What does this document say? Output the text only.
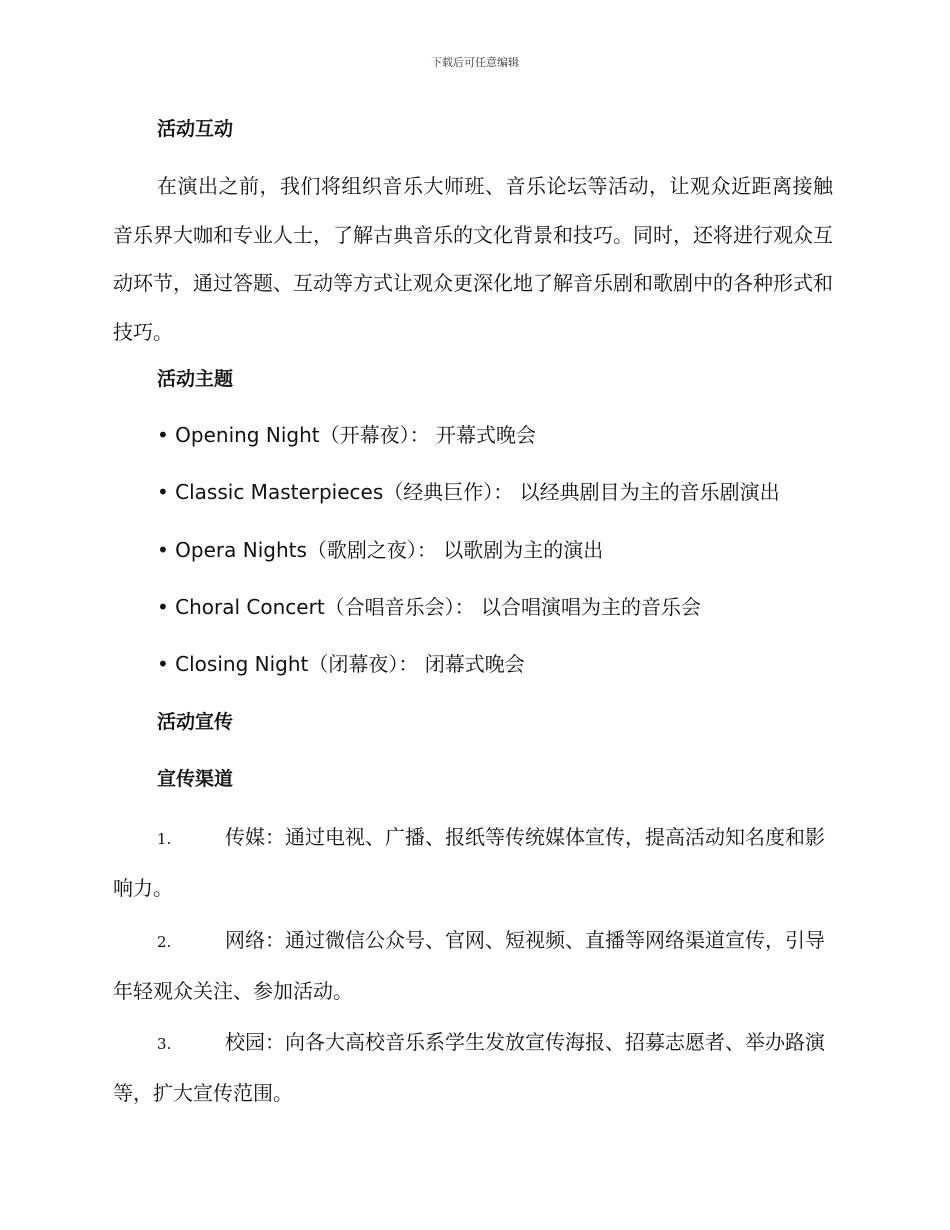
下载后可任意编辑
活动互动

在演出之前，我们将组织音乐大师班、音乐论坛等活动，让观众近距离接触音乐界大咖和专业人士，了解古典音乐的文化背景和技巧。同时，还将进行观众互动环节，通过答题、互动等方式让观众更深化地了解音乐剧和歌剧中的各种形式和技巧。

活动主题
• Opening Night（开幕夜）： 开幕式晚会
• Classic Masterpieces（经典巨作）： 以经典剧目为主的音乐剧演出
• Opera Nights（歌剧之夜）： 以歌剧为主的演出
• Choral Concert（合唱音乐会）： 以合唱演唱为主的音乐会
• Closing Night（闭幕夜）： 闭幕式晚会
活动宣传
宣传渠道

1.	传媒：通过电视、广播、报纸等传统媒体宣传，提高活动知名度和影响力。

2.	网络：通过微信公众号、官网、短视频、直播等网络渠道宣传，引导年轻观众关注、参加活动。

3.	校园：向各大高校音乐系学生发放宣传海报、招募志愿者、举办路演等，扩大宣传范围。
